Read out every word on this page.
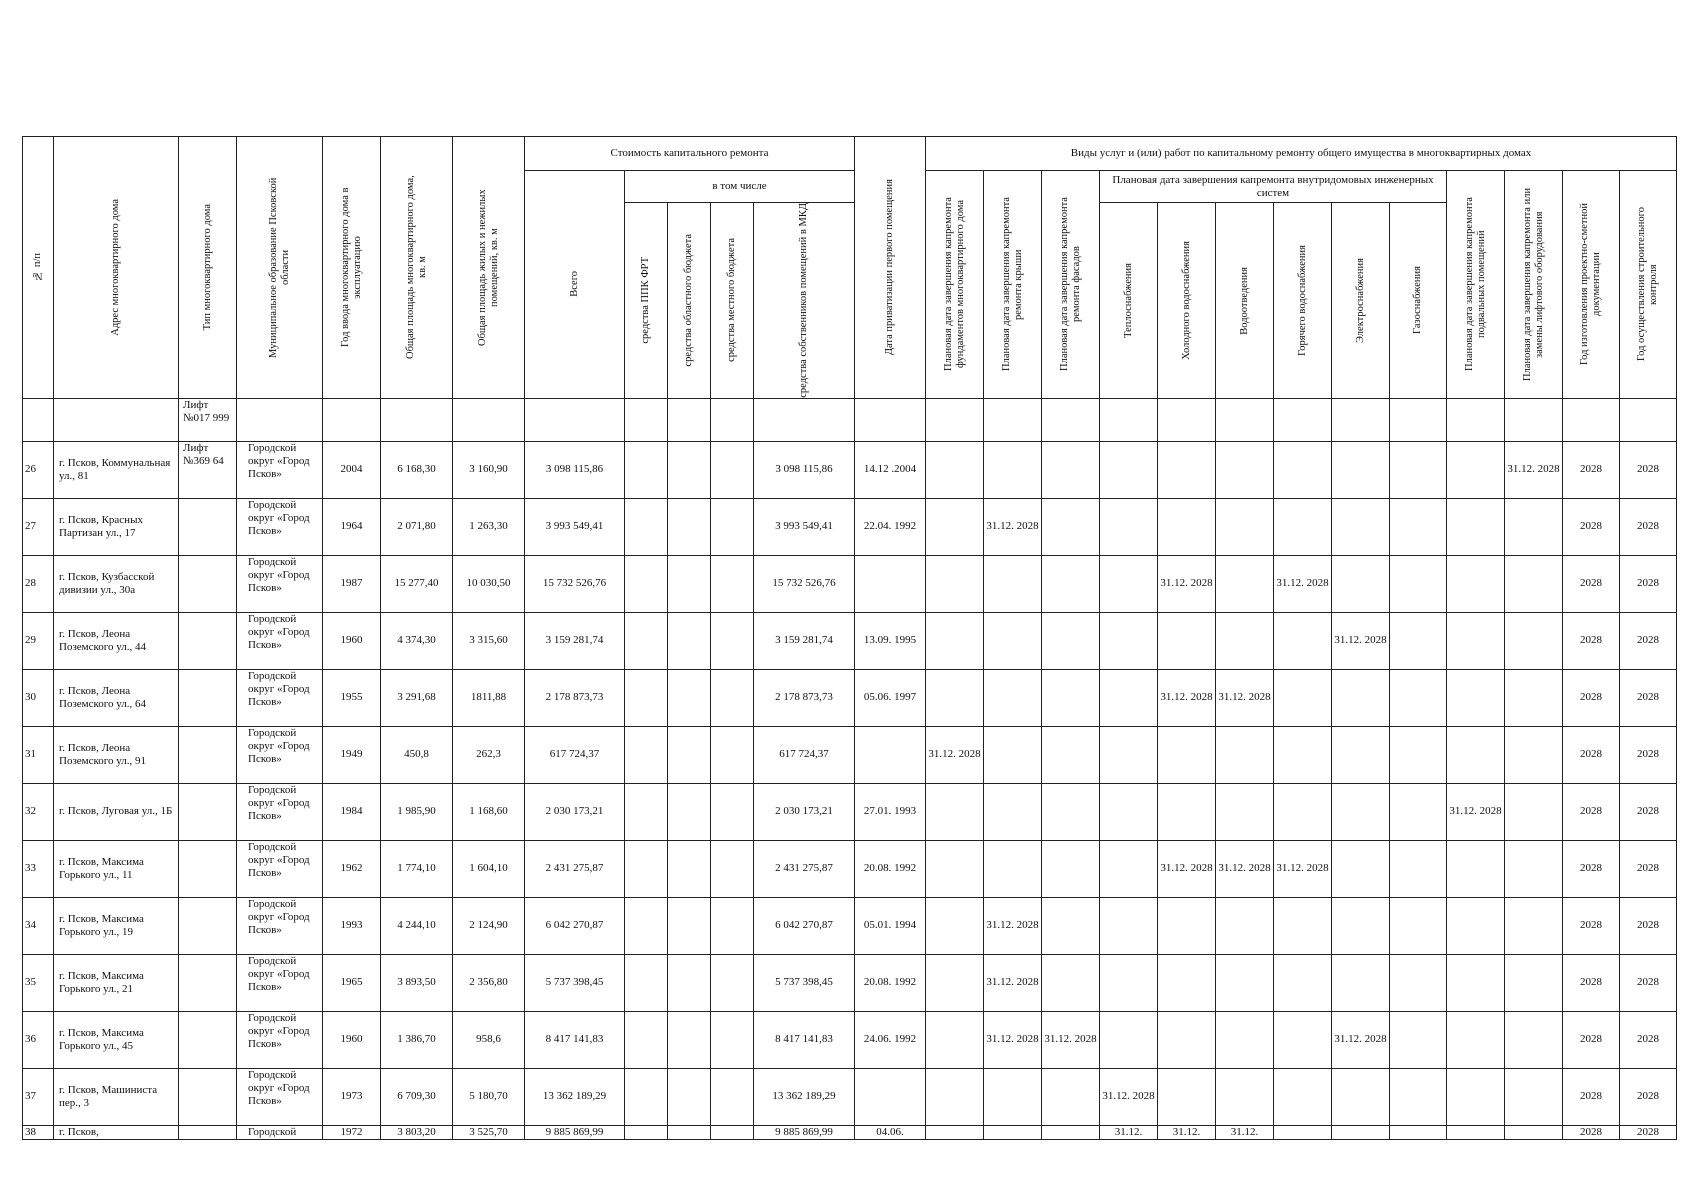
№ п/п	Адрес многоквартирного дома	Тип многоквартирного дома	Муниципальное образование Псковской области	Год ввода многоквартирного дома в эксплуатацию	Общая площадь многоквартирного дома, кв. м	Общая площадь жилых и нежилых помещений, кв. м	Стоимость капитального ремонта					Дата приватизации первого помещения	Виды услуг и (или) работ по капитальному ремонту общего имущества в многоквартирных домах												

							Всего	в том числе					Плановая дата завершения капремонта фундаментов многоквартирного дома	Плановая дата завершения капремонта ремонта крыши	Плановая дата завершения капремонта ремонта фасадов	Плановая дата завершения капремонта внутридомовых инженерных систем						Плановая дата завершения капремонта подвальных помещений	Плановая дата завершения капремонта или замены лифтового оборудования	Год изготовления проектно-сметной документации	Год осуществления строительного контроля

								средства ППК ФРТ	средства областного бюджета	средства местного бюджета	средства собственников помещений в МКД					Теплоснабжения	Холодного водоснабжения	Водоотведения	Горячего водоснабжения	Электроснабжения	Газоснабжения				

		Лифт №017 999																							
26	г. Псков, Коммунальная ул., 81	Лифт №369 64	Городской округ «Город Псков»	2004	6 168,30	3 160,90	3 098 115,86				3 098 115,86	14.12 .2004											31.12. 2028	2028	2028
27	г. Псков, Красных Партизан ул., 17		Городской округ «Город Псков»	1964	2 071,80	1 263,30	3 993 549,41				3 993 549,41	22.04. 1992		31.12. 2028										2028	2028
28	г. Псков, Кузбасской дивизии ул., 30а		Городской округ «Город Псков»	1987	15 277,40	10 030,50	15 732 526,76				15 732 526,76						31.12. 2028		31.12. 2028					2028	2028
29	г. Псков, Леона Поземского ул., 44		Городской округ «Город Псков»	1960	4 374,30	3 315,60	3 159 281,74				3 159 281,74	13.09. 1995								31.12. 2028				2028	2028
30	г. Псков, Леона Поземского ул., 64		Городской округ «Город Псков»	1955	3 291,68	1811,88	2 178 873,73				2 178 873,73	05.06. 1997					31.12. 2028	31.12. 2028						2028	2028
31	г. Псков, Леона Поземского ул., 91		Городской округ «Город Псков»	1949	450,8	262,3	617 724,37				617 724,37		31.12. 2028											2028	2028
32	г. Псков, Луговая ул., 1Б		Городской округ «Город Псков»	1984	1 985,90	1 168,60	2 030 173,21				2 030 173,21	27.01. 1993										31.12. 2028		2028	2028
33	г. Псков, Максима Горького ул., 11		Городской округ «Город Псков»	1962	1 774,10	1 604,10	2 431 275,87				2 431 275,87	20.08. 1992					31.12. 2028	31.12. 2028	31.12. 2028					2028	2028
34	г. Псков, Максима Горького ул., 19		Городской округ «Город Псков»	1993	4 244,10	2 124,90	6 042 270,87				6 042 270,87	05.01. 1994		31.12. 2028										2028	2028
35	г. Псков, Максима Горького ул., 21		Городской округ «Город Псков»	1965	3 893,50	2 356,80	5 737 398,45				5 737 398,45	20.08. 1992		31.12. 2028										2028	2028
36	г. Псков, Максима Горького ул., 45		Городской округ «Город Псков»	1960	1 386,70	958,6	8 417 141,83				8 417 141,83	24.06. 1992		31.12. 2028	31.12. 2028					31.12. 2028				2028	2028
37	г. Псков, Машиниста пер., 3		Городской округ «Город Псков»	1973	6 709,30	5 180,70	13 362 189,29				13 362 189,29					31.12. 2028								2028	2028
38	г. Псков,		Городской	1972	3 803,20	3 525,70	9 885 869,99				9 885 869,99	04.06.				31.12.	31.12.	31.12.						2028	2028
